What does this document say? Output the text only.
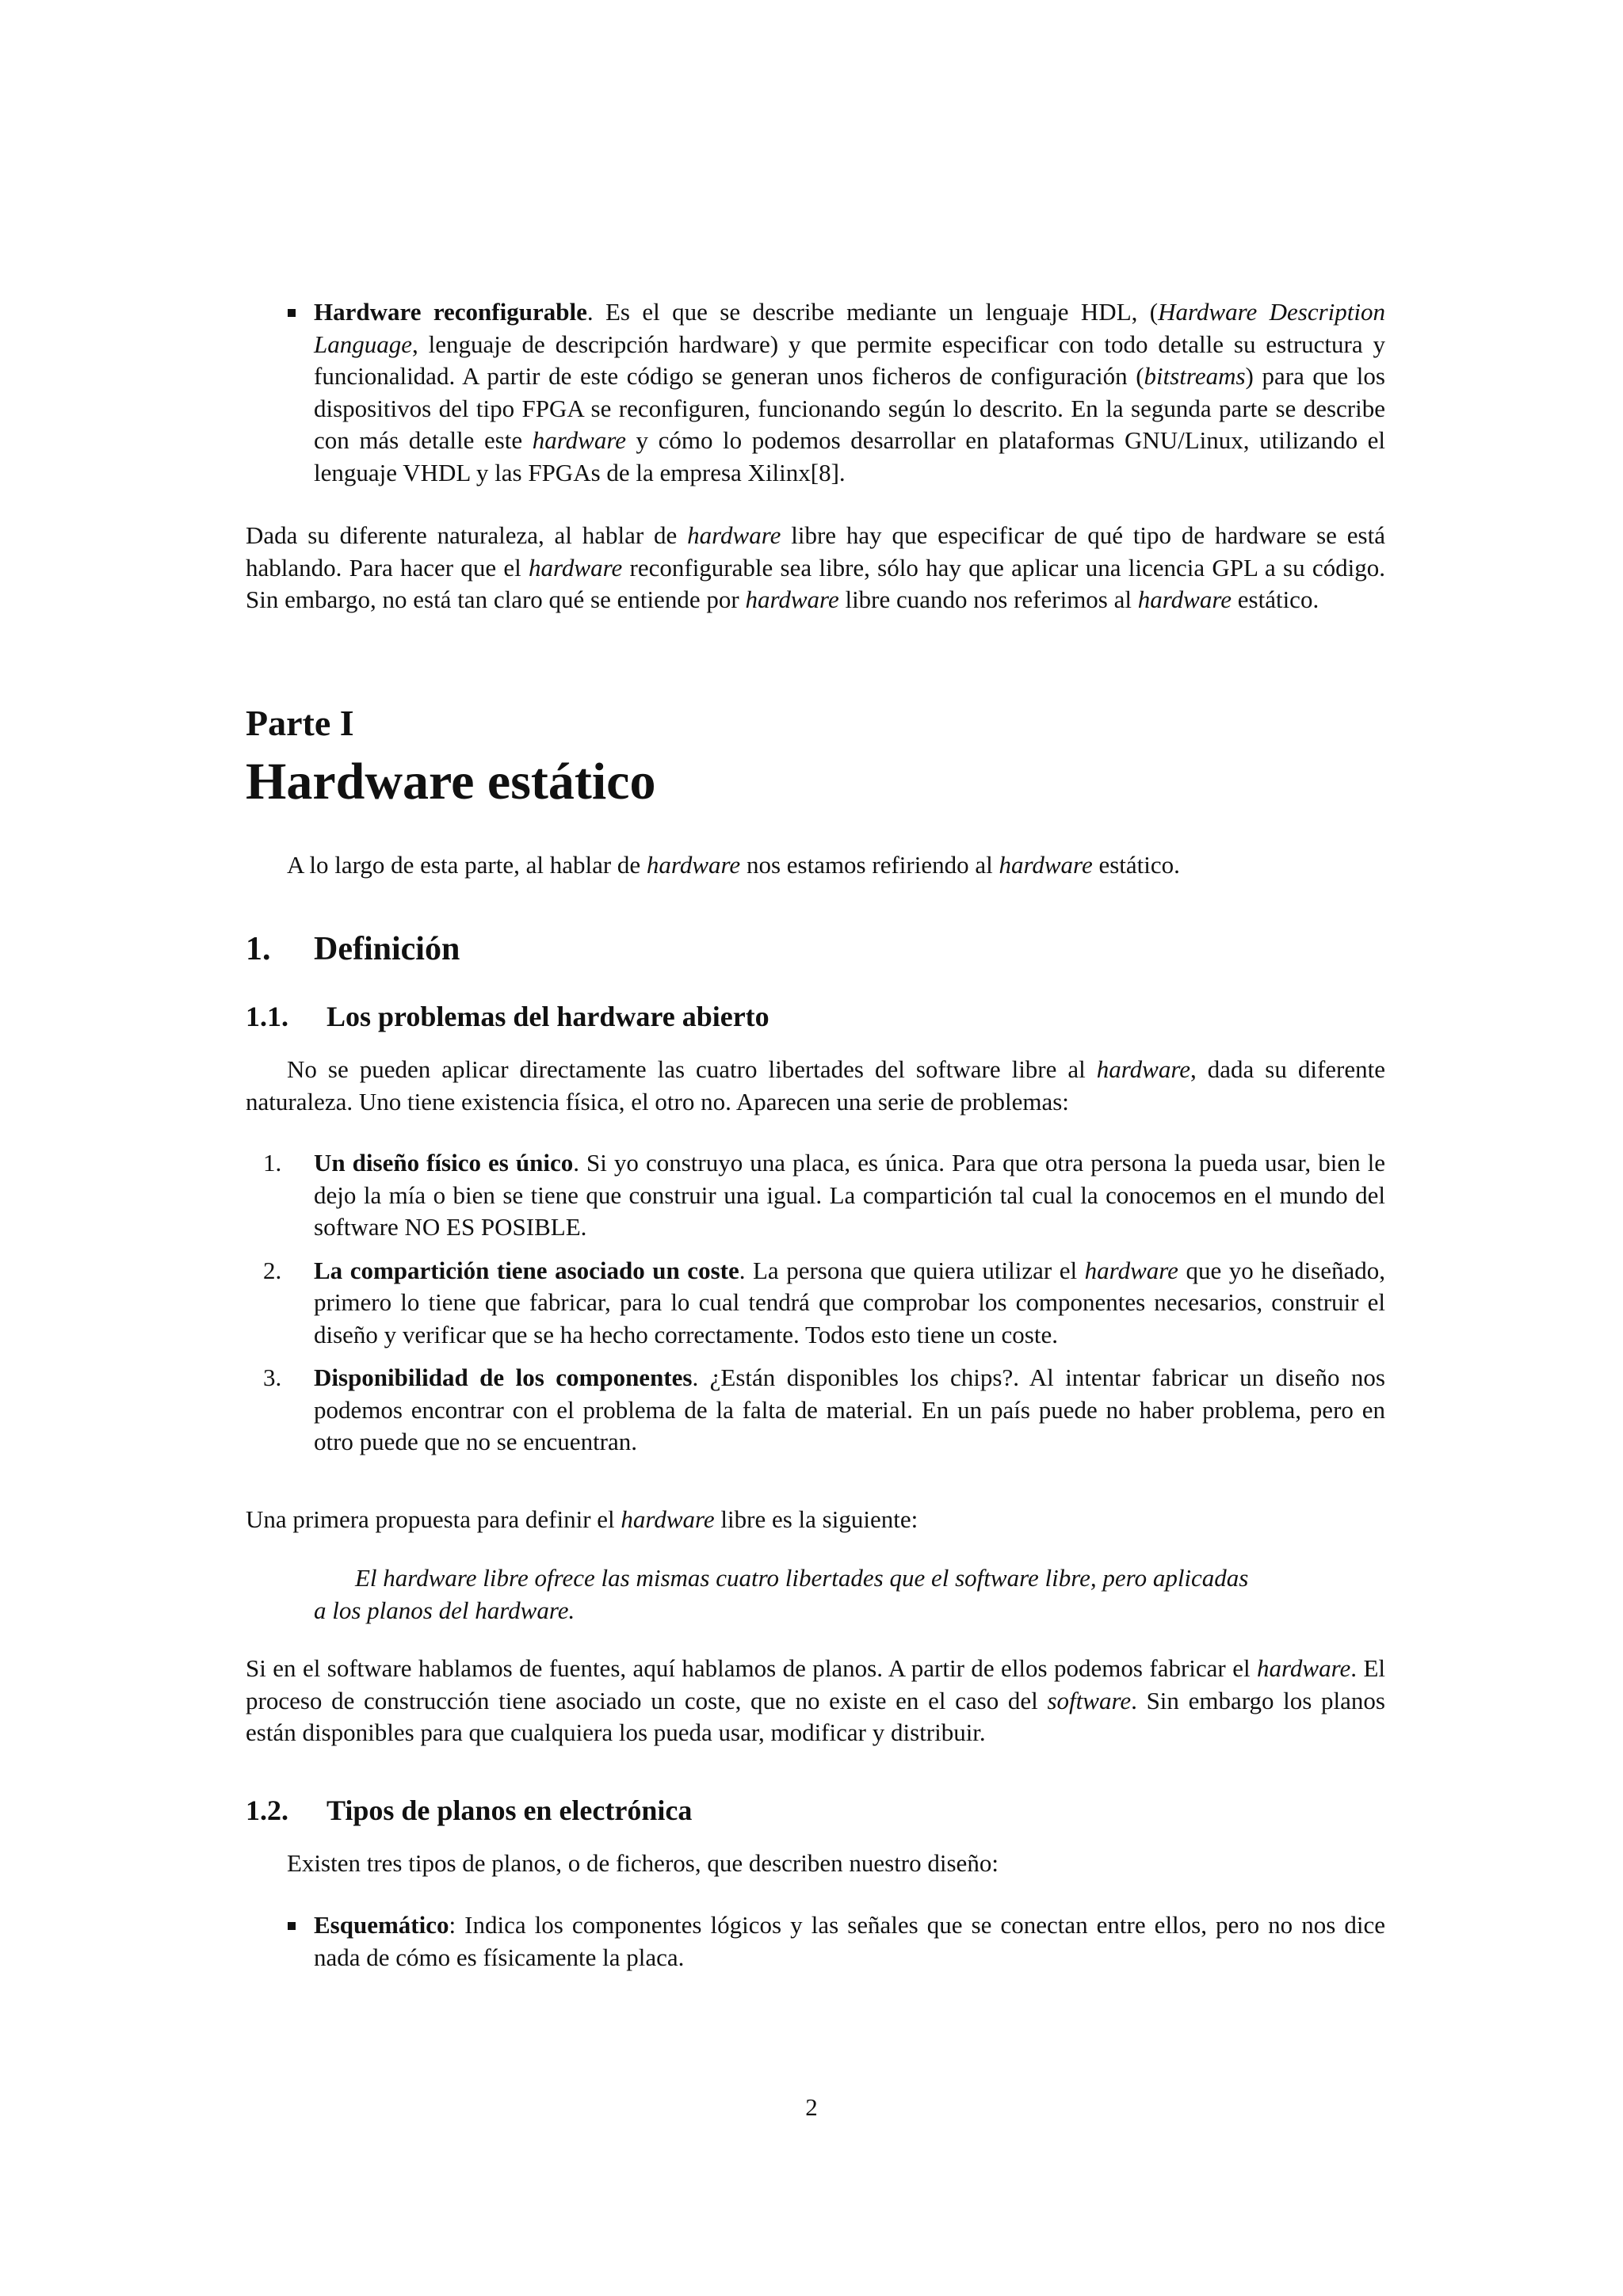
Hardware reconfigurable. Es el que se describe mediante un lenguaje HDL, (Hardware Description Language, lenguaje de descripción hardware) y que permite especificar con todo detalle su estructura y funcionalidad. A partir de este código se generan unos ficheros de configuración (bitstreams) para que los dispositivos del tipo FPGA se reconfiguren, funcionando según lo descrito. En la segunda parte se describe con más detalle este hardware y cómo lo podemos desarrollar en plataformas GNU/Linux, utilizando el lenguaje VHDL y las FPGAs de la empresa Xilinx[8].

Dada su diferente naturaleza, al hablar de hardware libre hay que especificar de qué tipo de hardware se está hablando. Para hacer que el hardware reconfigurable sea libre, sólo hay que aplicar una licencia GPL a su código. Sin embargo, no está tan claro qué se entiende por hardware libre cuando nos referimos al hardware estático.

Parte I
Hardware estático

A lo largo de esta parte, al hablar de hardware nos estamos refiriendo al hardware estático.

1.	Definición
1.1.	Los problemas del hardware abierto

No se pueden aplicar directamente las cuatro libertades del software libre al hardware, dada su diferente naturaleza. Uno tiene existencia física, el otro no. Aparecen una serie de problemas:

1. Un diseño físico es único. Si yo construyo una placa, es única. Para que otra persona la pueda usar, bien le dejo la mía o bien se tiene que construir una igual. La compartición tal cual la conocemos en el mundo del software NO ES POSIBLE.
2. La compartición tiene asociado un coste. La persona que quiera utilizar el hardware que yo he diseñado, primero lo tiene que fabricar, para lo cual tendrá que comprobar los componentes necesarios, construir el diseño y verificar que se ha hecho correctamente. Todos esto tiene un coste.
3. Disponibilidad de los componentes. ¿Están disponibles los chips?. Al intentar fabricar un diseño nos podemos encontrar con el problema de la falta de material. En un país puede no haber problema, pero en otro puede que no se encuentran.

Una primera propuesta para definir el hardware libre es la siguiente:

El hardware libre ofrece las mismas cuatro libertades que el software libre, pero aplicadas
a los planos del hardware.

Si en el software hablamos de fuentes, aquí hablamos de planos. A partir de ellos podemos fabricar el hardware. El proceso de construcción tiene asociado un coste, que no existe en el caso del software. Sin embargo los planos están disponibles para que cualquiera los pueda usar, modificar y distribuir.

1.2.	Tipos de planos en electrónica

Existen tres tipos de planos, o de ficheros, que describen nuestro diseño:

Esquemático: Indica los componentes lógicos y las señales que se conectan entre ellos, pero no nos dice nada de cómo es físicamente la placa.
2
